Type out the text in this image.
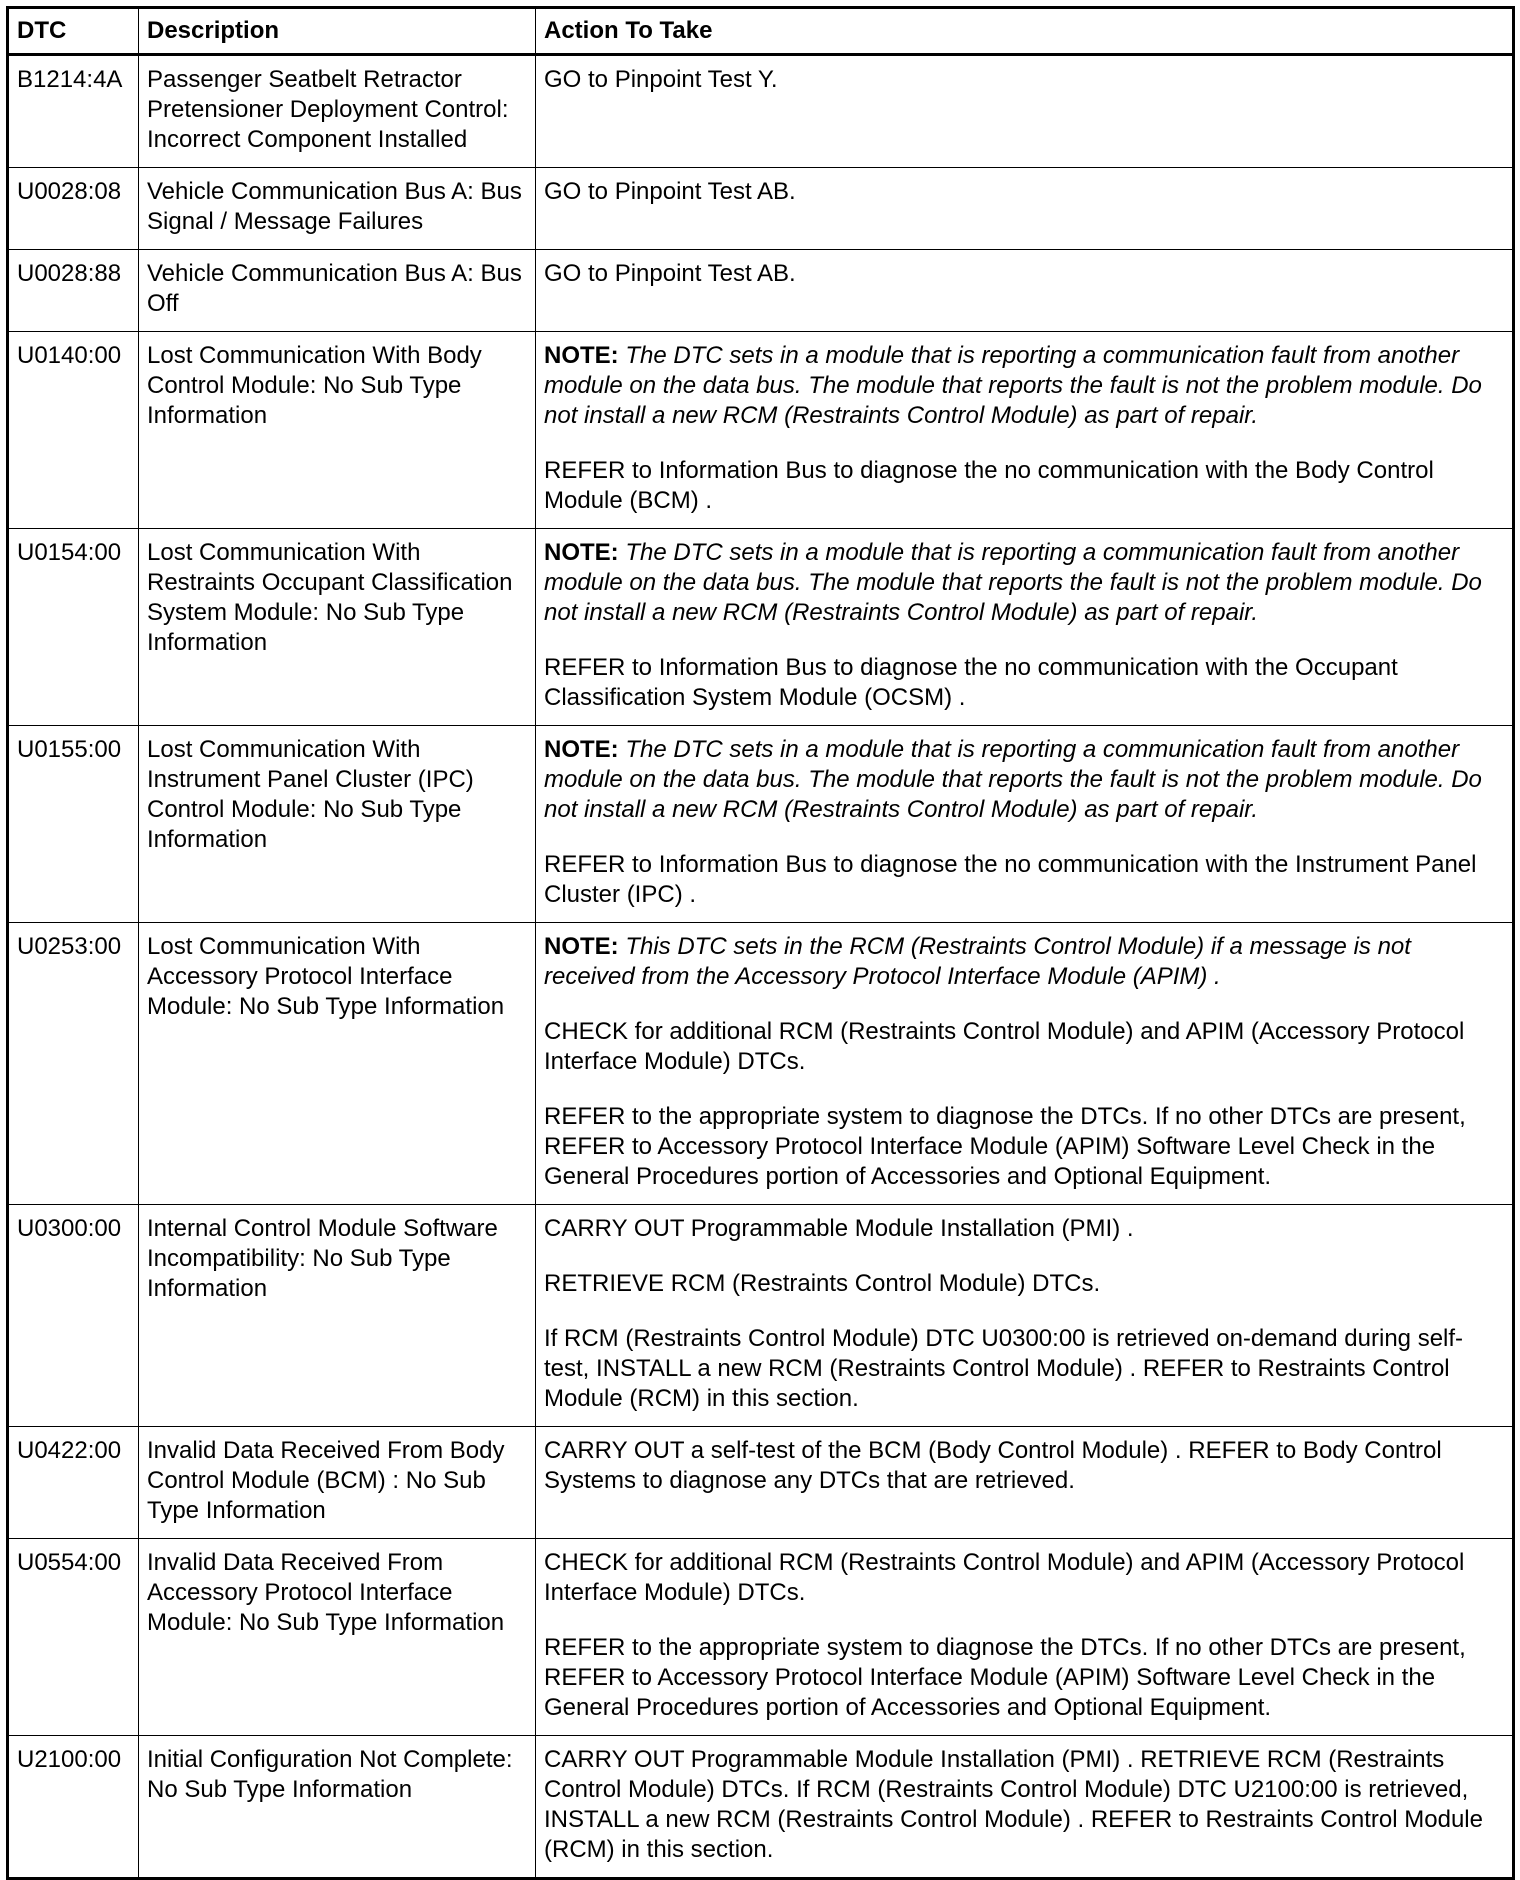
DTC	Description	Action To Take
B1214:4A	Passenger Seatbelt Retractor Pretensioner Deployment Control: Incorrect Component Installed	GO to Pinpoint Test Y.

U0028:08	Vehicle Communication Bus A: Bus Signal / Message Failures	GO to Pinpoint Test AB.

U0028:88	Vehicle Communication Bus A: Bus Off	GO to Pinpoint Test AB.

U0140:00	Lost Communication With Body Control Module: No Sub Type Information	NOTE: The DTC sets in a module that is reporting a communication fault from another module on the data bus. The module that reports the fault is not the problem module. Do not install a new RCM (Restraints Control Module) as part of repair.
REFER to Information Bus to diagnose the no communication with the Body Control Module (BCM) .

U0154:00	Lost Communication With Restraints Occupant Classification System Module: No Sub Type Information	NOTE: The DTC sets in a module that is reporting a communication fault from another module on the data bus. The module that reports the fault is not the problem module. Do not install a new RCM (Restraints Control Module) as part of repair.
REFER to Information Bus to diagnose the no communication with the Occupant Classification System Module (OCSM) .

U0155:00	Lost Communication With Instrument Panel Cluster (IPC) Control Module: No Sub Type Information	NOTE: The DTC sets in a module that is reporting a communication fault from another module on the data bus. The module that reports the fault is not the problem module. Do not install a new RCM (Restraints Control Module) as part of repair.
REFER to Information Bus to diagnose the no communication with the Instrument Panel Cluster (IPC) .

U0253:00	Lost Communication With Accessory Protocol Interface Module: No Sub Type Information	NOTE: This DTC sets in the RCM (Restraints Control Module) if a message is not received from the Accessory Protocol Interface Module (APIM) .
CHECK for additional RCM (Restraints Control Module) and APIM (Accessory Protocol Interface Module) DTCs.
REFER to the appropriate system to diagnose the DTCs. If no other DTCs are present, REFER to Accessory Protocol Interface Module (APIM) Software Level Check in the General Procedures portion of Accessories and Optional Equipment.

U0300:00	Internal Control Module Software Incompatibility: No Sub Type Information	CARRY OUT Programmable Module Installation (PMI) .
RETRIEVE RCM (Restraints Control Module) DTCs.
If RCM (Restraints Control Module) DTC U0300:00 is retrieved on-demand during self-test, INSTALL a new RCM (Restraints Control Module) . REFER to Restraints Control Module (RCM) in this section.

U0422:00	Invalid Data Received From Body Control Module (BCM) : No Sub Type Information	CARRY OUT a self-test of the BCM (Body Control Module) . REFER to Body Control Systems to diagnose any DTCs that are retrieved.

U0554:00	Invalid Data Received From Accessory Protocol Interface Module: No Sub Type Information	CHECK for additional RCM (Restraints Control Module) and APIM (Accessory Protocol Interface Module) DTCs.
REFER to the appropriate system to diagnose the DTCs. If no other DTCs are present, REFER to Accessory Protocol Interface Module (APIM) Software Level Check in the General Procedures portion of Accessories and Optional Equipment.

U2100:00	Initial Configuration Not Complete: No Sub Type Information	CARRY OUT Programmable Module Installation (PMI) . RETRIEVE RCM (Restraints Control Module) DTCs. If RCM (Restraints Control Module) DTC U2100:00 is retrieved, INSTALL a new RCM (Restraints Control Module) . REFER to Restraints Control Module (RCM) in this section.
